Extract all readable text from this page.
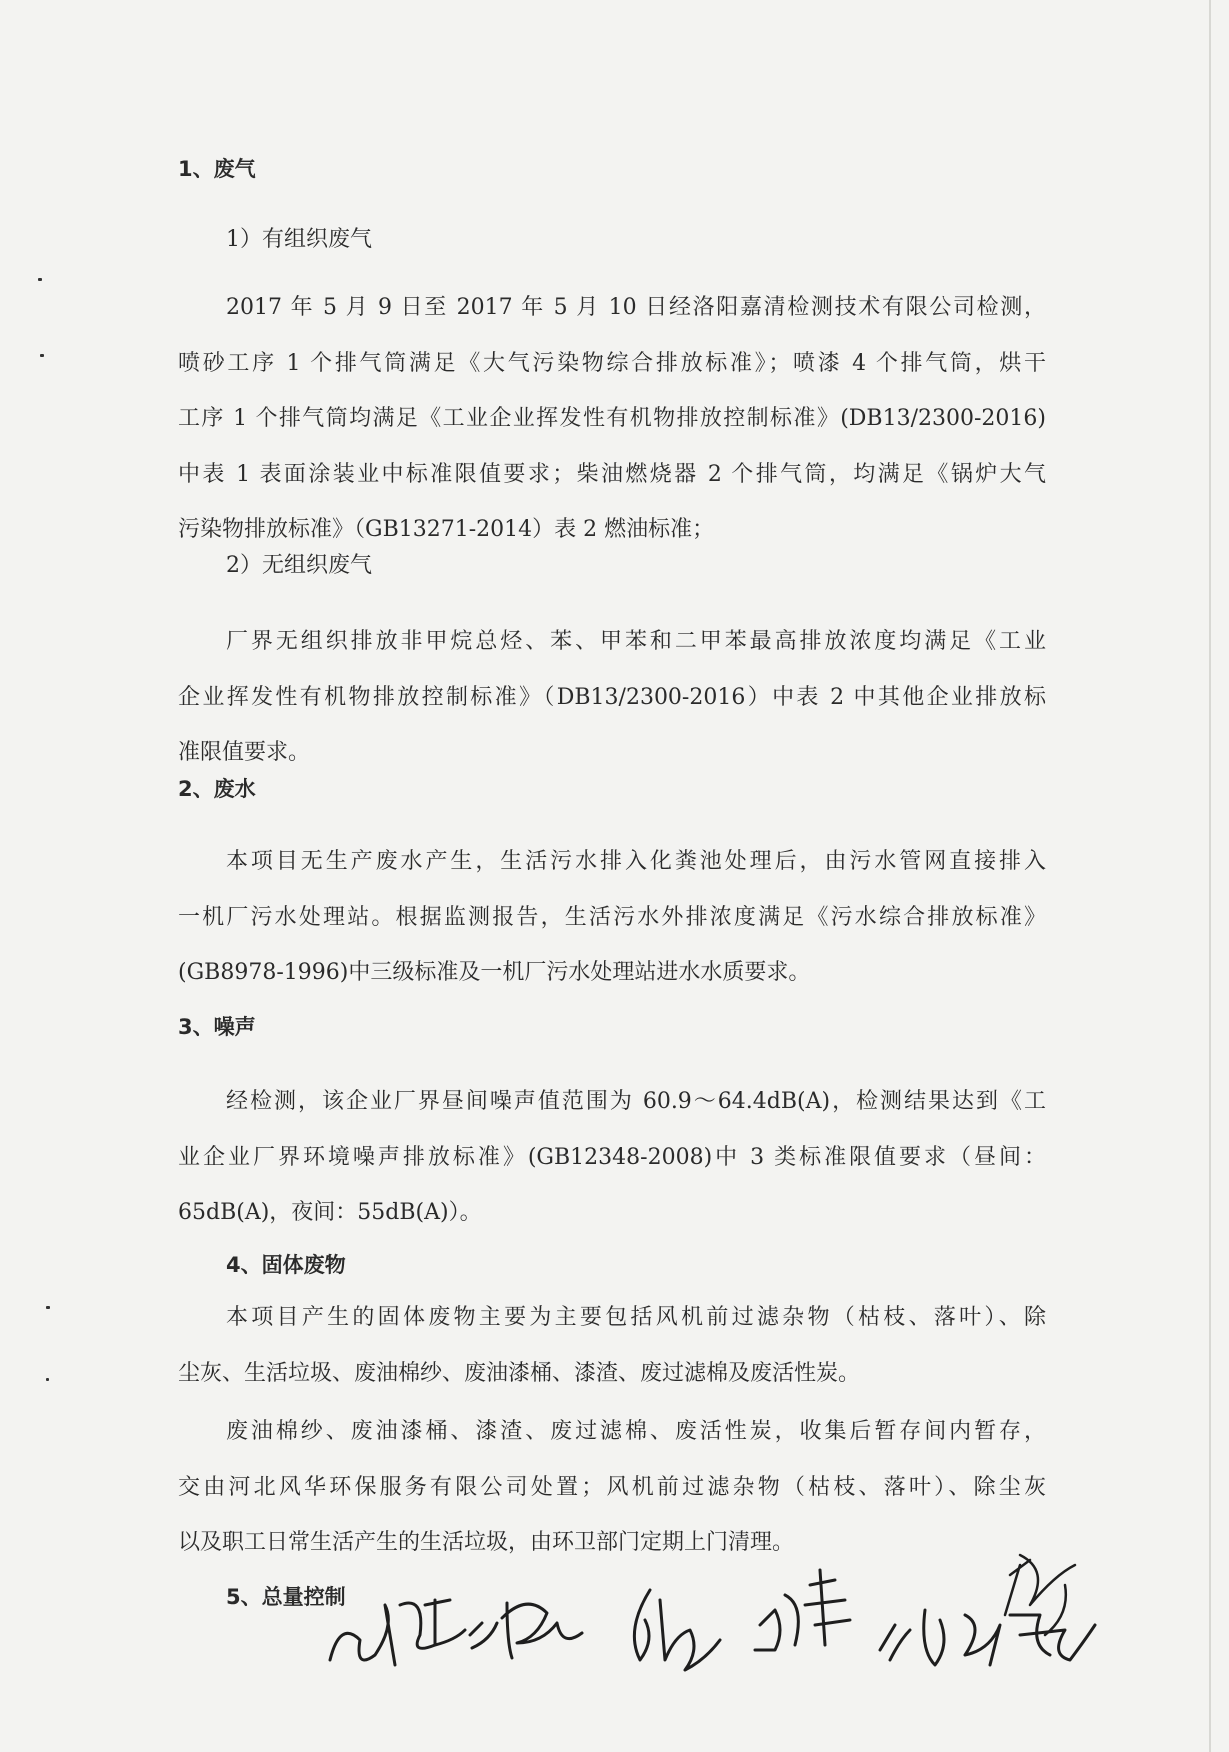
1、废气
1）有组织废气
2017 年 5 月 9 日至 2017 年 5 月 10 日经洛阳嘉清检测技术有限公司检测，
喷砂工序 1 个排气筒满足《大气污染物综合排放标准》；喷漆 4 个排气筒，烘干
工序 1 个排气筒均满足《工业企业挥发性有机物排放控制标准》(DB13/2300-2016)
中表 1 表面涂装业中标准限值要求；柴油燃烧器 2 个排气筒，均满足《锅炉大气
污染物排放标准》（GB13271-2014）表 2 燃油标准；
2）无组织废气
厂界无组织排放非甲烷总烃、苯、甲苯和二甲苯最高排放浓度均满足《工业
企业挥发性有机物排放控制标准》（DB13/2300-2016）中表 2 中其他企业排放标
准限值要求。
2、废水
本项目无生产废水产生，生活污水排入化粪池处理后，由污水管网直接排入
一机厂污水处理站。根据监测报告，生活污水外排浓度满足《污水综合排放标准》
(GB8978-1996)中三级标准及一机厂污水处理站进水水质要求。
3、噪声
经检测，该企业厂界昼间噪声值范围为 60.9～64.4dB(A)，检测结果达到《工
业企业厂界环境噪声排放标准》(GB12348-2008)中 3 类标准限值要求（昼间：
65dB(A)，夜间：55dB(A)）。
4、固体废物
本项目产生的固体废物主要为主要包括风机前过滤杂物（枯枝、落叶）、除
尘灰、生活垃圾、废油棉纱、废油漆桶、漆渣、废过滤棉及废活性炭。
废油棉纱、废油漆桶、漆渣、废过滤棉、废活性炭，收集后暂存间内暂存，
交由河北风华环保服务有限公司处置；风机前过滤杂物（枯枝、落叶）、除尘灰
以及职工日常生活产生的生活垃圾，由环卫部门定期上门清理。
5、总量控制
